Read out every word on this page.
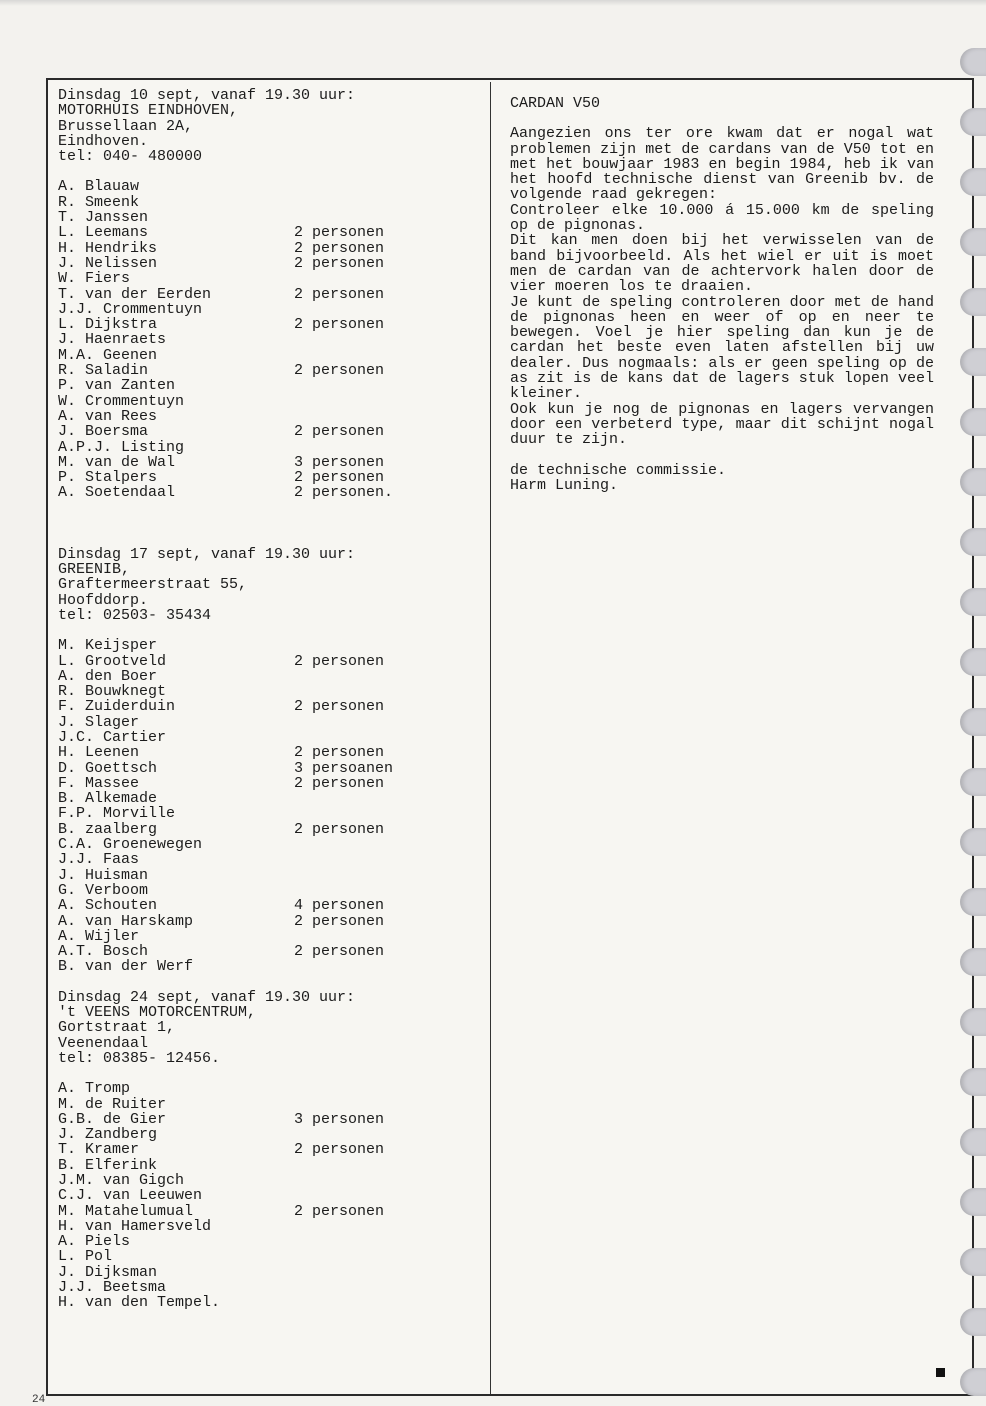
Dinsdag 10 sept, vanaf 19.30 uur:
MOTORHUIS EINDHOVEN,
Brussellaan 2A,
Eindhoven.
tel: 040- 480000
A. Blauaw
R. Smeenk
T. Janssen
L. Leemans	2 personen
H. Hendriks	2 personen
J. Nelissen	2 personen
W. Fiers
T. van der Eerden	2 personen
J.J. Crommentuyn
L. Dijkstra	2 personen
J. Haenraets
M.A. Geenen
R. Saladin	2 personen
P. van Zanten
W. Crommentuyn
A. van Rees
J. Boersma	2 personen
A.P.J. Listing
M. van de Wal	3 personen
P. Stalpers	2 personen
A. Soetendaal	2 personen.
Dinsdag 17 sept, vanaf 19.30 uur:
GREENIB,
Graftermeerstraat 55,
Hoofddorp.
tel: 02503- 35434
M. Keijsper
L. Grootveld	2 personen
A. den Boer
R. Bouwknegt
F. Zuiderduin	2 personen
J. Slager
J.C. Cartier
H. Leenen	2 personen
D. Goettsch	3 persoanen
F. Massee	2 personen
B. Alkemade
F.P. Morville
B. zaalberg	2 personen
C.A. Groenewegen
J.J. Faas
J. Huisman
G. Verboom
A. Schouten	4 personen
A. van Harskamp	2 personen
A. Wijler
A.T. Bosch	2 personen
B. van der Werf
Dinsdag 24 sept, vanaf 19.30 uur:
't VEENS MOTORCENTRUM,
Gortstraat 1,
Veenendaal
tel: 08385- 12456.
A. Tromp
M. de Ruiter
G.B. de Gier	3 personen
J. Zandberg
T. Kramer	2 personen
B. Elferink
J.M. van Gigch
C.J. van Leeuwen
M. Matahelumual	2 personen
H. van Hamersveld
A. Piels
L. Pol
J. Dijksman
J.J. Beetsma
H. van den Tempel.
CARDAN V50
Aangezien ons ter ore kwam dat er nogal wat problemen zijn met de cardans van de V50 tot en met het bouwjaar 1983 en begin 1984, heb ik van het hoofd technische dienst van Greenib bv. de volgende raad gekregen:
Controleer elke 10.000 á 15.000 km de speling op de pignonas.
Dit kan men doen bij het verwisselen van de band bijvoorbeeld. Als het wiel er uit is moet men de cardan van de achtervork halen door de vier moeren los te draaien.
Je kunt de speling controleren door met de hand de pignonas heen en weer of op en neer te bewegen. Voel je hier speling dan kun je de cardan het beste even laten afstellen bij uw dealer. Dus nogmaals: als er geen speling op de as zit is de kans dat de lagers stuk lopen veel kleiner.
Ook kun je nog de pignonas en lagers vervangen door een verbeterd type, maar dit schijnt nogal duur te zijn.
de technische commissie.
Harm Luning.
24
